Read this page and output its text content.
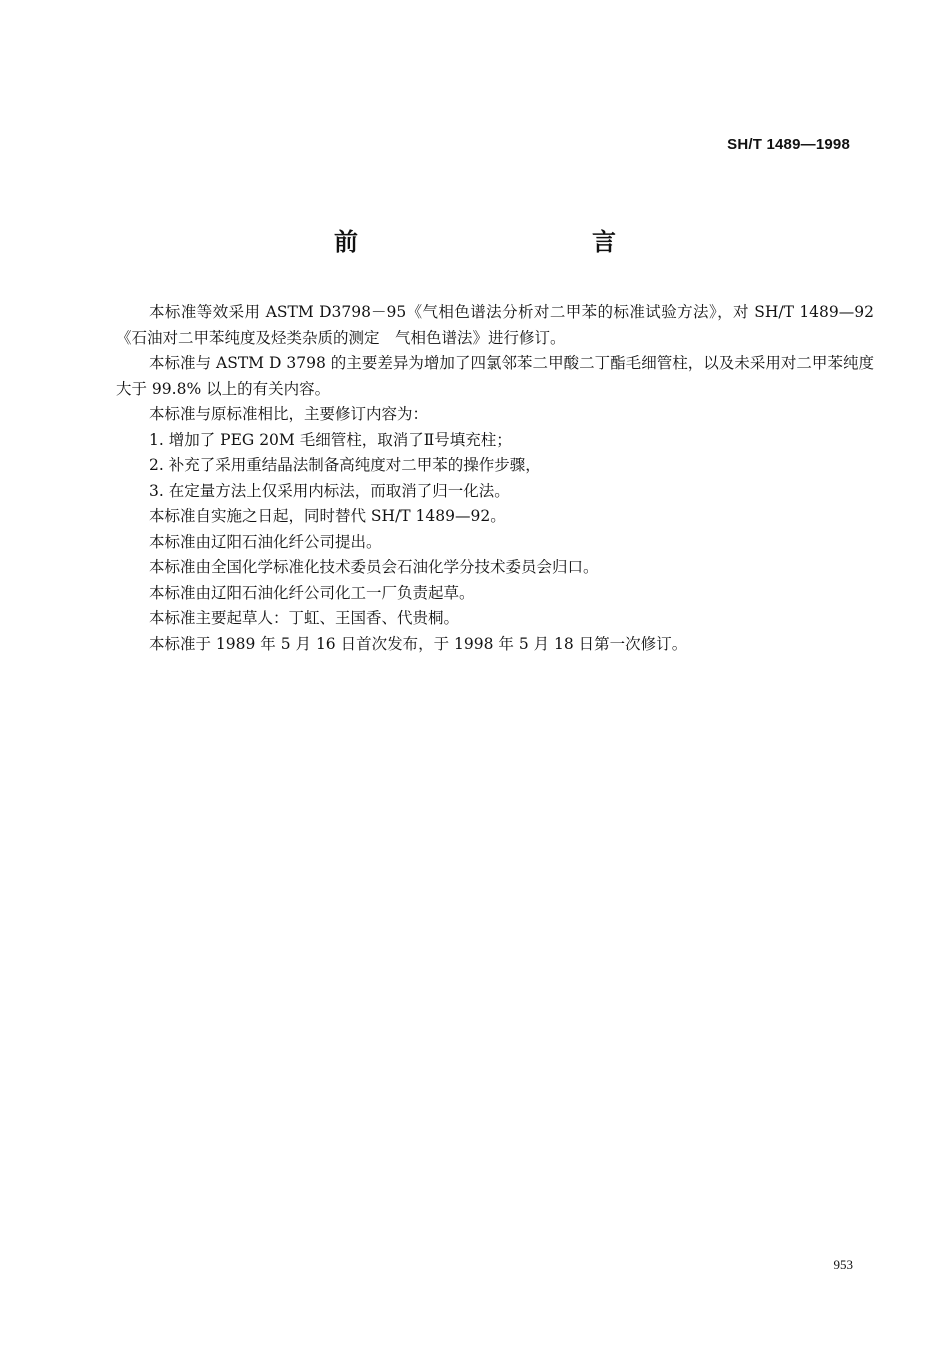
SH/T 1489—1998
前　　言

本标准等效采用 ASTM D3798－95《气相色谱法分析对二甲苯的标准试验方法》，对 SH/T 1489—92《石油对二甲苯纯度及烃类杂质的测定　气相色谱法》进行修订。

本标准与 ASTM D 3798 的主要差异为增加了四氯邻苯二甲酸二丁酯毛细管柱，以及未采用对二甲苯纯度大于 99.8% 以上的有关内容。

本标准与原标准相比，主要修订内容为：

1. 增加了 PEG 20M 毛细管柱，取消了Ⅱ号填充柱；

2. 补充了采用重结晶法制备高纯度对二甲苯的操作步骤，

3. 在定量方法上仅采用内标法，而取消了归一化法。

本标准自实施之日起，同时替代 SH/T 1489—92。

本标准由辽阳石油化纤公司提出。

本标准由全国化学标准化技术委员会石油化学分技术委员会归口。

本标准由辽阳石油化纤公司化工一厂负责起草。

本标准主要起草人：丁虹、王国香、代贵桐。

本标准于 1989 年 5 月 16 日首次发布，于 1998 年 5 月 18 日第一次修订。

953
